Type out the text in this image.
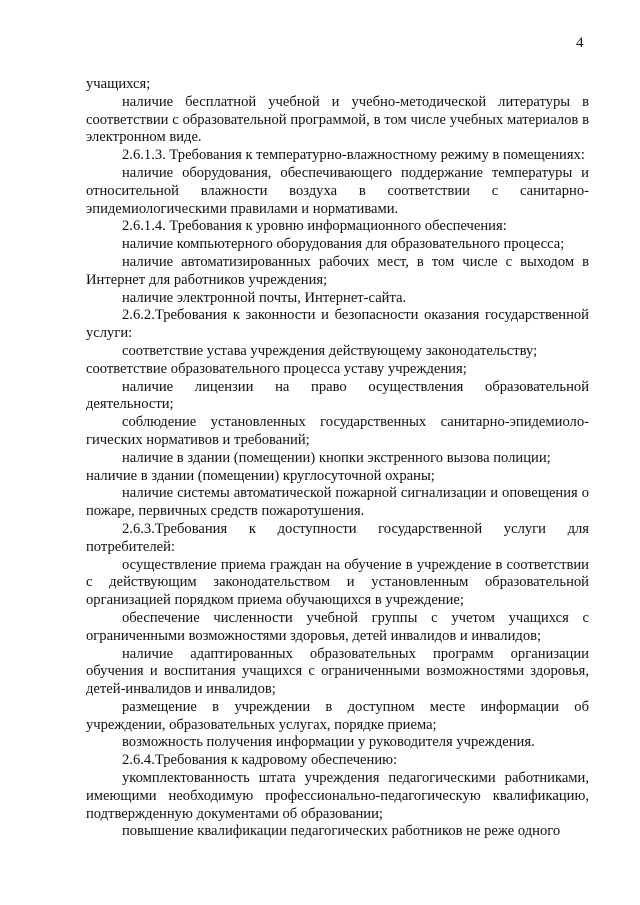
4

учащихся;

наличие бесплатной учебной и учебно-методической литературы в соответствии с образовательной программой, в том числе учебных материалов в электронном виде.

2.6.1.3. Требования к температурно-влажностному режиму в помещениях:

наличие оборудования, обеспечивающего поддержание температуры и относительной влажности воздуха в соответствии с санитарно-эпидемиологическими правилами и нормативами.

2.6.1.4. Требования к уровню информационного обеспечения:

наличие компьютерного оборудования для образовательного процесса;

наличие автоматизированных рабочих мест, в том числе с выходом в Интернет для работников учреждения;

наличие электронной почты, Интернет-сайта.

2.6.2.Требования к законности и безопасности оказания государственной услуги:

соответствие устава учреждения действующему законодательству;

соответствие образовательного процесса уставу учреждения;

наличие лицензии на право осуществления образовательной деятельности;

соблюдение установленных государственных санитарно-эпидемиоло-гических нормативов и требований;

наличие в здании (помещении) кнопки экстренного вызова полиции;

наличие в здании (помещении) круглосуточной охраны;

наличие системы автоматической пожарной сигнализации и оповещения о пожаре, первичных средств пожаротушения.

2.6.3.Требования к доступности государственной услуги для потребителей:

осуществление приема граждан на обучение в учреждение в соответствии с действующим законодательством и установленным образовательной организацией порядком приема обучающихся в учреждение;

обеспечение численности учебной группы с учетом учащихся с ограниченными возможностями здоровья, детей инвалидов и инвалидов;

наличие адаптированных образовательных программ организации обучения и воспитания учащихся с ограниченными возможностями здоровья, детей-инвалидов и инвалидов;

размещение в учреждении в доступном месте информации об учреждении, образовательных услугах, порядке приема;

возможность получения информации у руководителя учреждения.

2.6.4.Требования к кадровому обеспечению:

укомплектованность штата учреждения педагогическими работниками, имеющими необходимую профессионально-педагогическую квалификацию, подтвержденную документами об образовании;

повышение квалификации педагогических работников не реже одного
